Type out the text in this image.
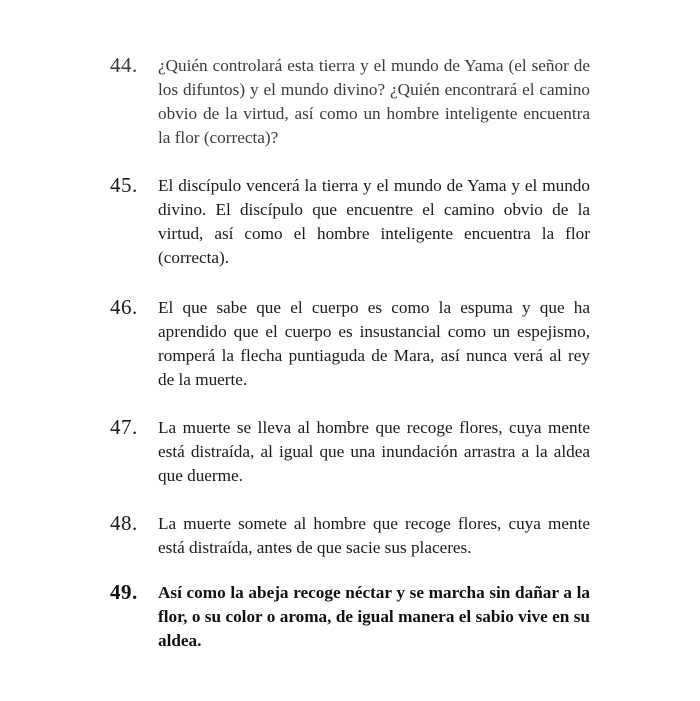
44. ¿Quién controlará esta tierra y el mundo de Yama (el señor de los difuntos) y el mundo divino? ¿Quién encontrará el camino obvio de la virtud, así como un hombre inteligente encuentra la flor (correcta)?

45. El discípulo vencerá la tierra y el mundo de Yama y el mundo divino. El discípulo que encuentre el camino obvio de la virtud, así como el hombre inteligente encuentra la flor (correcta).

46. El que sabe que el cuerpo es como la espuma y que ha aprendido que el cuerpo es insustancial como un espejismo, romperá la flecha puntiaguda de Mara, así nunca verá al rey de la muerte.

47. La muerte se lleva al hombre que recoge flores, cuya mente está distraída, al igual que una inundación arrastra a la aldea que duerme.

48. La muerte somete al hombre que recoge flores, cuya mente está distraída, antes de que sacie sus placeres.

49. Así como la abeja recoge néctar y se marcha sin dañar a la flor, o su color o aroma, de igual manera el sabio vive en su aldea.
